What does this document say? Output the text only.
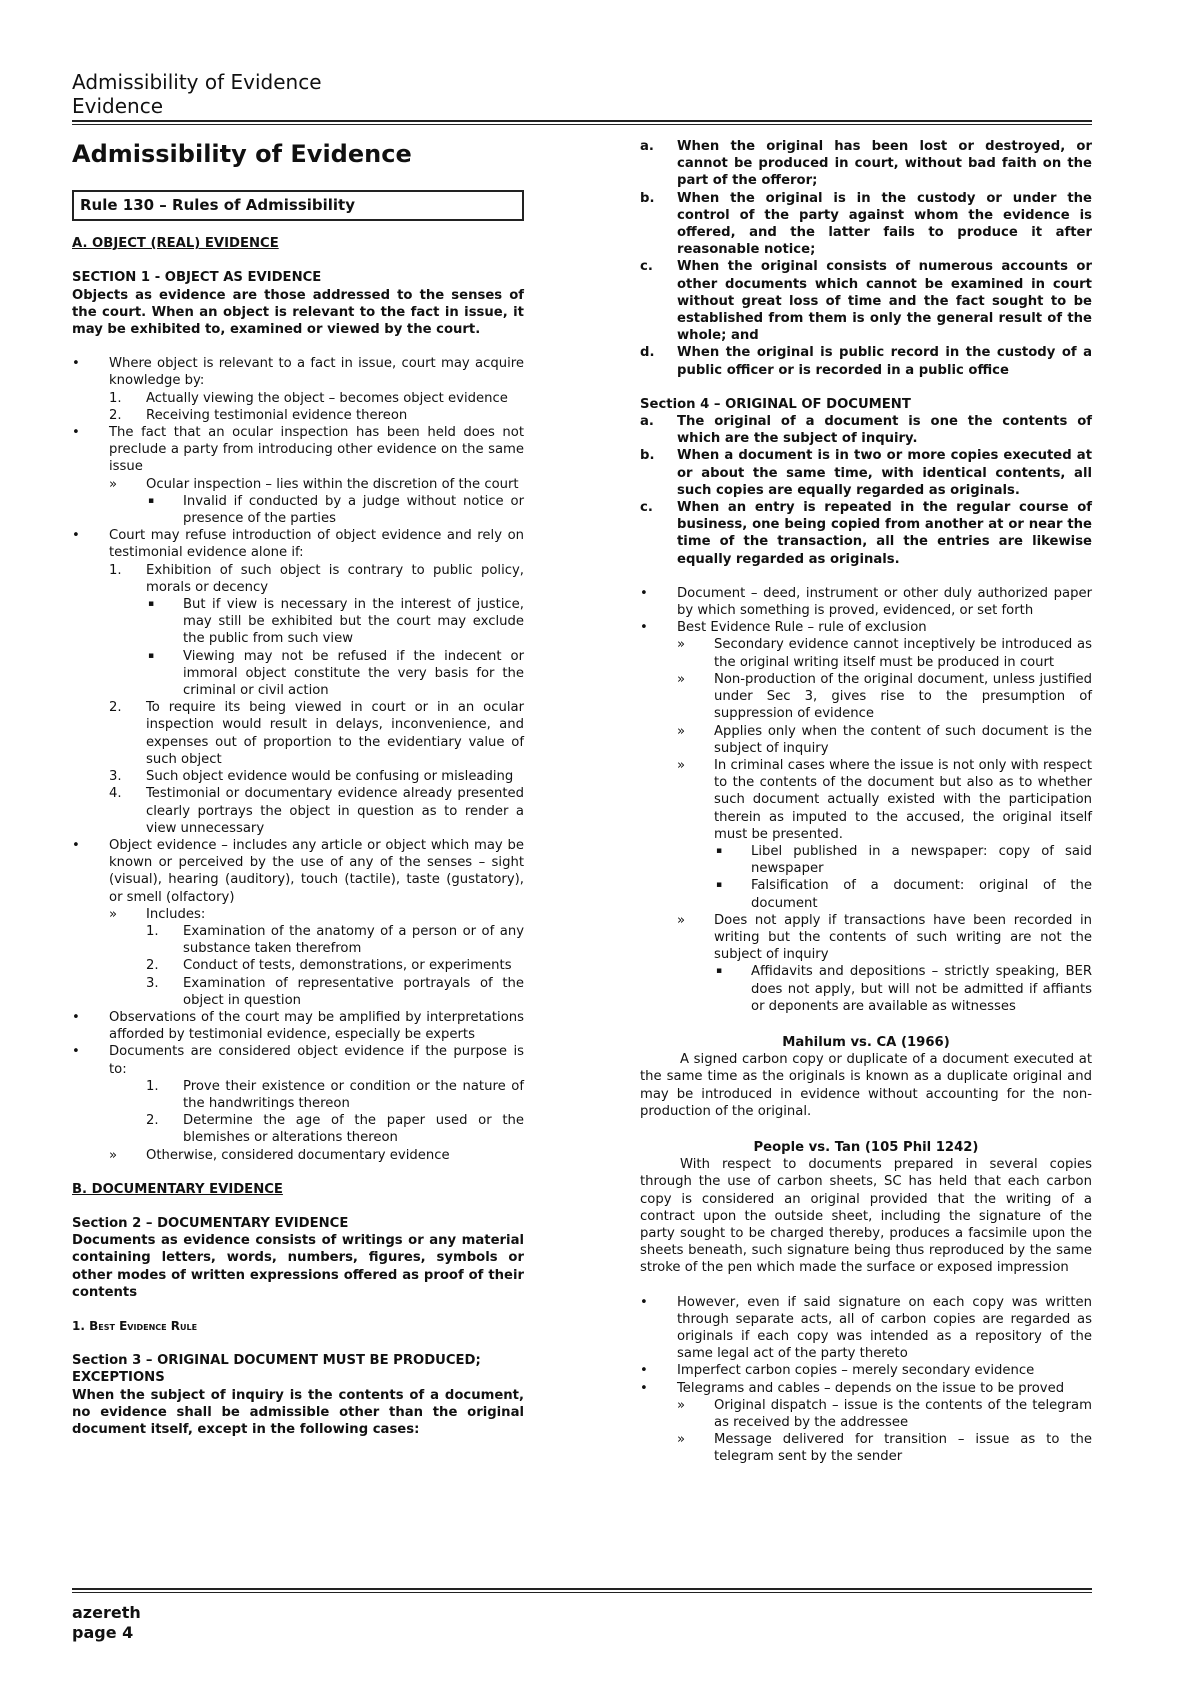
Admissibility of Evidence
Evidence
Admissibility of Evidence
Rule 130 – Rules of Admissibility
A. OBJECT (REAL) EVIDENCE
SECTION 1 - OBJECT AS EVIDENCE
Objects as evidence are those addressed to the senses of the court. When an object is relevant to the fact in issue, it may be exhibited to, examined or viewed by the court.
• Where object is relevant to a fact in issue, court may acquire knowledge by:
1. Actually viewing the object – becomes object evidence
2. Receiving testimonial evidence thereon
• The fact that an ocular inspection has been held does not preclude a party from introducing other evidence on the same issue
» Ocular inspection – lies within the discretion of the court
▪ Invalid if conducted by a judge without notice or presence of the parties
• Court may refuse introduction of object evidence and rely on testimonial evidence alone if:
1. Exhibition of such object is contrary to public policy, morals or decency
▪ But if view is necessary in the interest of justice, may still be exhibited but the court may exclude the public from such view
▪ Viewing may not be refused if the indecent or immoral object constitute the very basis for the criminal or civil action
2. To require its being viewed in court or in an ocular inspection would result in delays, inconvenience, and expenses out of proportion to the evidentiary value of such object
3. Such object evidence would be confusing or misleading
4. Testimonial or documentary evidence already presented clearly portrays the object in question as to render a view unnecessary
• Object evidence – includes any article or object which may be known or perceived by the use of any of the senses – sight (visual), hearing (auditory), touch (tactile), taste (gustatory), or smell (olfactory)
» Includes:
1. Examination of the anatomy of a person or of any substance taken therefrom
2. Conduct of tests, demonstrations, or experiments
3. Examination of representative portrayals of the object in question
• Observations of the court may be amplified by interpretations afforded by testimonial evidence, especially be experts
• Documents are considered object evidence if the purpose is to:
1. Prove their existence or condition or the nature of the handwritings thereon
2. Determine the age of the paper used or the blemishes or alterations thereon
» Otherwise, considered documentary evidence
B. DOCUMENTARY EVIDENCE
Section 2 – DOCUMENTARY EVIDENCE
Documents as evidence consists of writings or any material containing letters, words, numbers, figures, symbols or other modes of written expressions offered as proof of their contents
1. Best Evidence Rule
Section 3 – ORIGINAL DOCUMENT MUST BE PRODUCED; EXCEPTIONS
When the subject of inquiry is the contents of a document, no evidence shall be admissible other than the original document itself, except in the following cases:
a. When the original has been lost or destroyed, or cannot be produced in court, without bad faith on the part of the offeror;
b. When the original is in the custody or under the control of the party against whom the evidence is offered, and the latter fails to produce it after reasonable notice;
c. When the original consists of numerous accounts or other documents which cannot be examined in court without great loss of time and the fact sought to be established from them is only the general result of the whole; and
d. When the original is public record in the custody of a public officer or is recorded in a public office
Section 4 – ORIGINAL OF DOCUMENT
a. The original of a document is one the contents of which are the subject of inquiry.
b. When a document is in two or more copies executed at or about the same time, with identical contents, all such copies are equally regarded as originals.
c. When an entry is repeated in the regular course of business, one being copied from another at or near the time of the transaction, all the entries are likewise equally regarded as originals.
• Document – deed, instrument or other duly authorized paper by which something is proved, evidenced, or set forth
• Best Evidence Rule – rule of exclusion
» Secondary evidence cannot inceptively be introduced as the original writing itself must be produced in court
» Non-production of the original document, unless justified under Sec 3, gives rise to the presumption of suppression of evidence
» Applies only when the content of such document is the subject of inquiry
» In criminal cases where the issue is not only with respect to the contents of the document but also as to whether such document actually existed with the participation therein as imputed to the accused, the original itself must be presented.
▪ Libel published in a newspaper: copy of said newspaper
▪ Falsification of a document: original of the document
» Does not apply if transactions have been recorded in writing but the contents of such writing are not the subject of inquiry
▪ Affidavits and depositions – strictly speaking, BER does not apply, but will not be admitted if affiants or deponents are available as witnesses
Mahilum vs. CA (1966)
A signed carbon copy or duplicate of a document executed at the same time as the originals is known as a duplicate original and may be introduced in evidence without accounting for the non-production of the original.
People vs. Tan (105 Phil 1242)
With respect to documents prepared in several copies through the use of carbon sheets, SC has held that each carbon copy is considered an original provided that the writing of a contract upon the outside sheet, including the signature of the party sought to be charged thereby, produces a facsimile upon the sheets beneath, such signature being thus reproduced by the same stroke of the pen which made the surface or exposed impression
• However, even if said signature on each copy was written through separate acts, all of carbon copies are regarded as originals if each copy was intended as a repository of the same legal act of the party thereto
• Imperfect carbon copies – merely secondary evidence
• Telegrams and cables – depends on the issue to be proved
» Original dispatch – issue is the contents of the telegram as received by the addressee
» Message delivered for transition – issue as to the telegram sent by the sender
azereth
page 4
